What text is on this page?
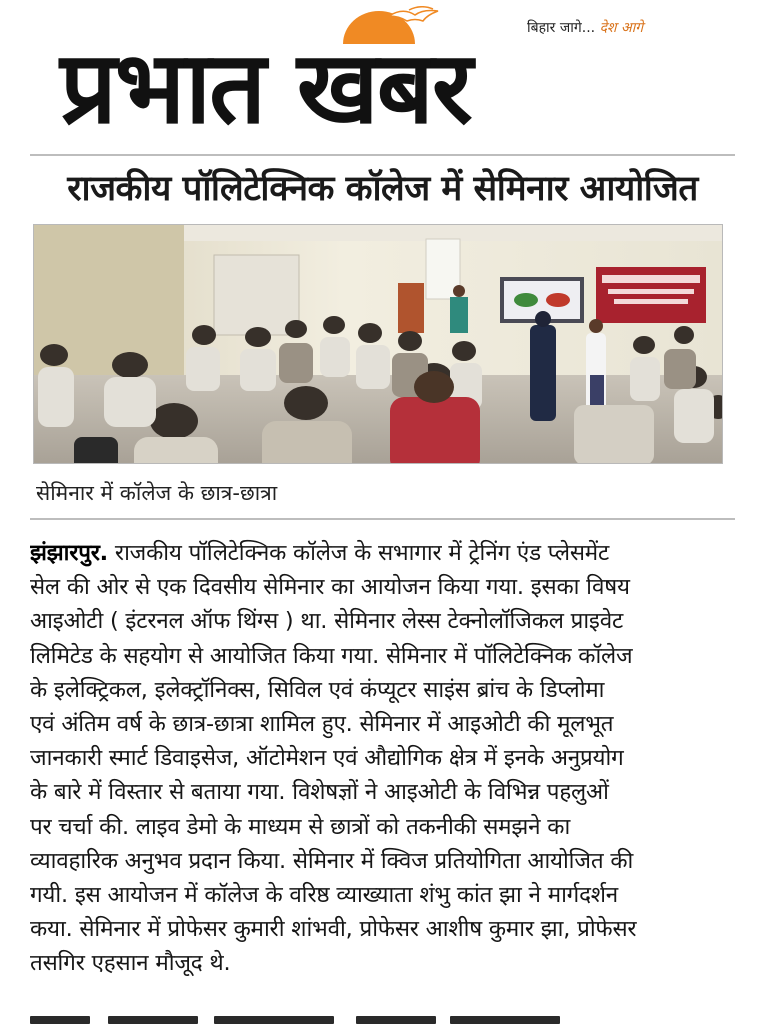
बिहार जागे... देश आगे
प्रभात खबर
राजकीय पॉलिटेक्निक कॉलेज में सेमिनार आयोजित
सेमिनार में कॉलेज के छात्र-छात्रा
झंझारपुर. राजकीय पॉलिटेक्निक कॉलेज के सभागार में ट्रेनिंग एंड प्लेसमेंट
सेल की ओर से एक दिवसीय सेमिनार का आयोजन किया गया. इसका विषय
आइओटी ( इंटरनल ऑफ थिंग्स ) था. सेमिनार लेस्स टेक्नोलॉजिकल प्राइवेट
लिमिटेड के सहयोग से आयोजित किया गया. सेमिनार में पॉलिटेक्निक कॉलेज
के इलेक्ट्रिकल, इलेक्ट्रॉनिक्स, सिविल एवं कंप्यूटर साइंस ब्रांच के डिप्लोमा
एवं अंतिम वर्ष के छात्र-छात्रा शामिल हुए. सेमिनार में आइओटी की मूलभूत
जानकारी स्मार्ट डिवाइसेज, ऑटोमेशन एवं औद्योगिक क्षेत्र में इनके अनुप्रयोग
के बारे में विस्तार से बताया गया. विशेषज्ञों ने आइओटी के विभिन्न पहलुओं
पर चर्चा की. लाइव डेमो के माध्यम से छात्रों को तकनीकी समझने का
व्यावहारिक अनुभव प्रदान किया. सेमिनार में क्विज प्रतियोगिता आयोजित की
गयी. इस आयोजन में कॉलेज के वरिष्ठ व्याख्याता शंभु कांत झा ने मार्गदर्शन
कया. सेमिनार में प्रोफेसर कुमारी शांभवी, प्रोफेसर आशीष कुमार झा, प्रोफेसर
तसगिर एहसान मौजूद थे.
